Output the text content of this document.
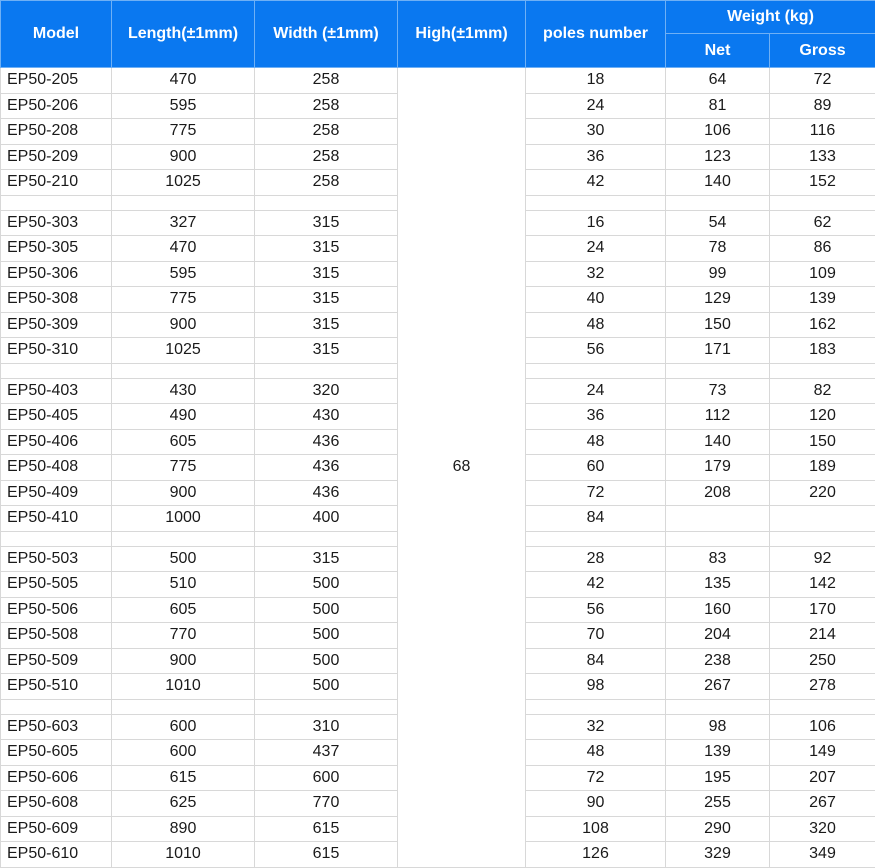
Model	Length(±1mm)	Width (±1mm)	High(±1mm)	poles number	Weight (kg)	
					Net	Gross
EP50-205	470	258	68	18	64	72
EP50-206	595	258		24	81	89
EP50-208	775	258		30	106	116
EP50-209	900	258		36	123	133
EP50-210	1025	258		42	140	152

EP50-303	327	315		16	54	62
EP50-305	470	315		24	78	86
EP50-306	595	315		32	99	109
EP50-308	775	315		40	129	139
EP50-309	900	315		48	150	162
EP50-310	1025	315		56	171	183

EP50-403	430	320		24	73	82
EP50-405	490	430		36	112	120
EP50-406	605	436		48	140	150
EP50-408	775	436		60	179	189
EP50-409	900	436		72	208	220
EP50-410	1000	400		84		

EP50-503	500	315		28	83	92
EP50-505	510	500		42	135	142
EP50-506	605	500		56	160	170
EP50-508	770	500		70	204	214
EP50-509	900	500		84	238	250
EP50-510	1010	500		98	267	278

EP50-603	600	310		32	98	106
EP50-605	600	437		48	139	149
EP50-606	615	600		72	195	207
EP50-608	625	770		90	255	267
EP50-609	890	615		108	290	320
EP50-610	1010	615		126	329	349
